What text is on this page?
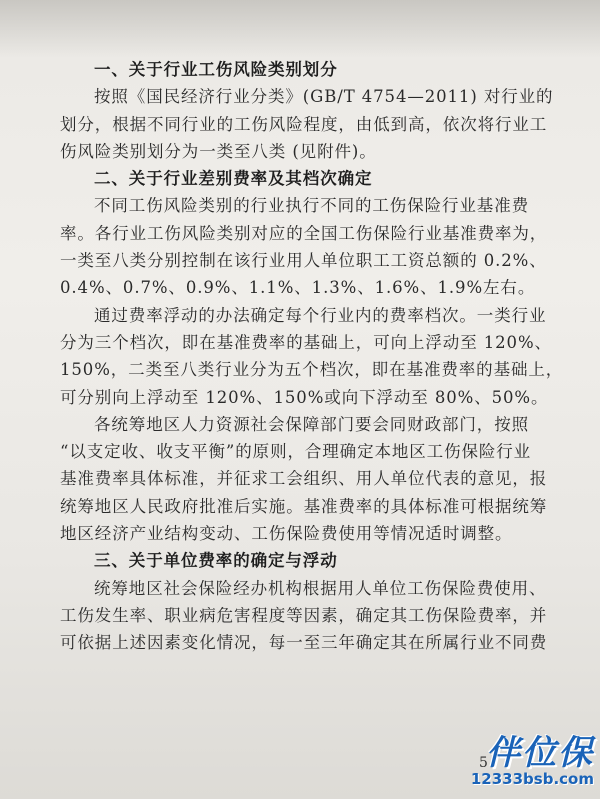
一、关于行业工伤风险类别划分
按照《国民经济行业分类》(GB/T 4754—2011) 对行业的
划分，根据不同行业的工伤风险程度，由低到高，依次将行业工
伤风险类别划分为一类至八类 (见附件)。
二、关于行业差别费率及其档次确定
不同工伤风险类别的行业执行不同的工伤保险行业基准费
率。各行业工伤风险类别对应的全国工伤保险行业基准费率为，
一类至八类分别控制在该行业用人单位职工工资总额的 0.2%、
0.4%、0.7%、0.9%、1.1%、1.3%、1.6%、1.9%左右。
通过费率浮动的办法确定每个行业内的费率档次。一类行业
分为三个档次，即在基准费率的基础上，可向上浮动至 120%、
150%，二类至八类行业分为五个档次，即在基准费率的基础上，
可分别向上浮动至 120%、150%或向下浮动至 80%、50%。
各统筹地区人力资源社会保障部门要会同财政部门，按照
“以支定收、收支平衡”的原则，合理确定本地区工伤保险行业
基准费率具体标准，并征求工会组织、用人单位代表的意见，报
统筹地区人民政府批准后实施。基准费率的具体标准可根据统筹
地区经济产业结构变动、工伤保险费使用等情况适时调整。
三、关于单位费率的确定与浮动
统筹地区社会保险经办机构根据用人单位工伤保险费使用、
工伤发生率、职业病危害程度等因素，确定其工伤保险费率，并
可依据上述因素变化情况，每一至三年确定其在所属行业不同费
5
伴位保
12333bsb.com
